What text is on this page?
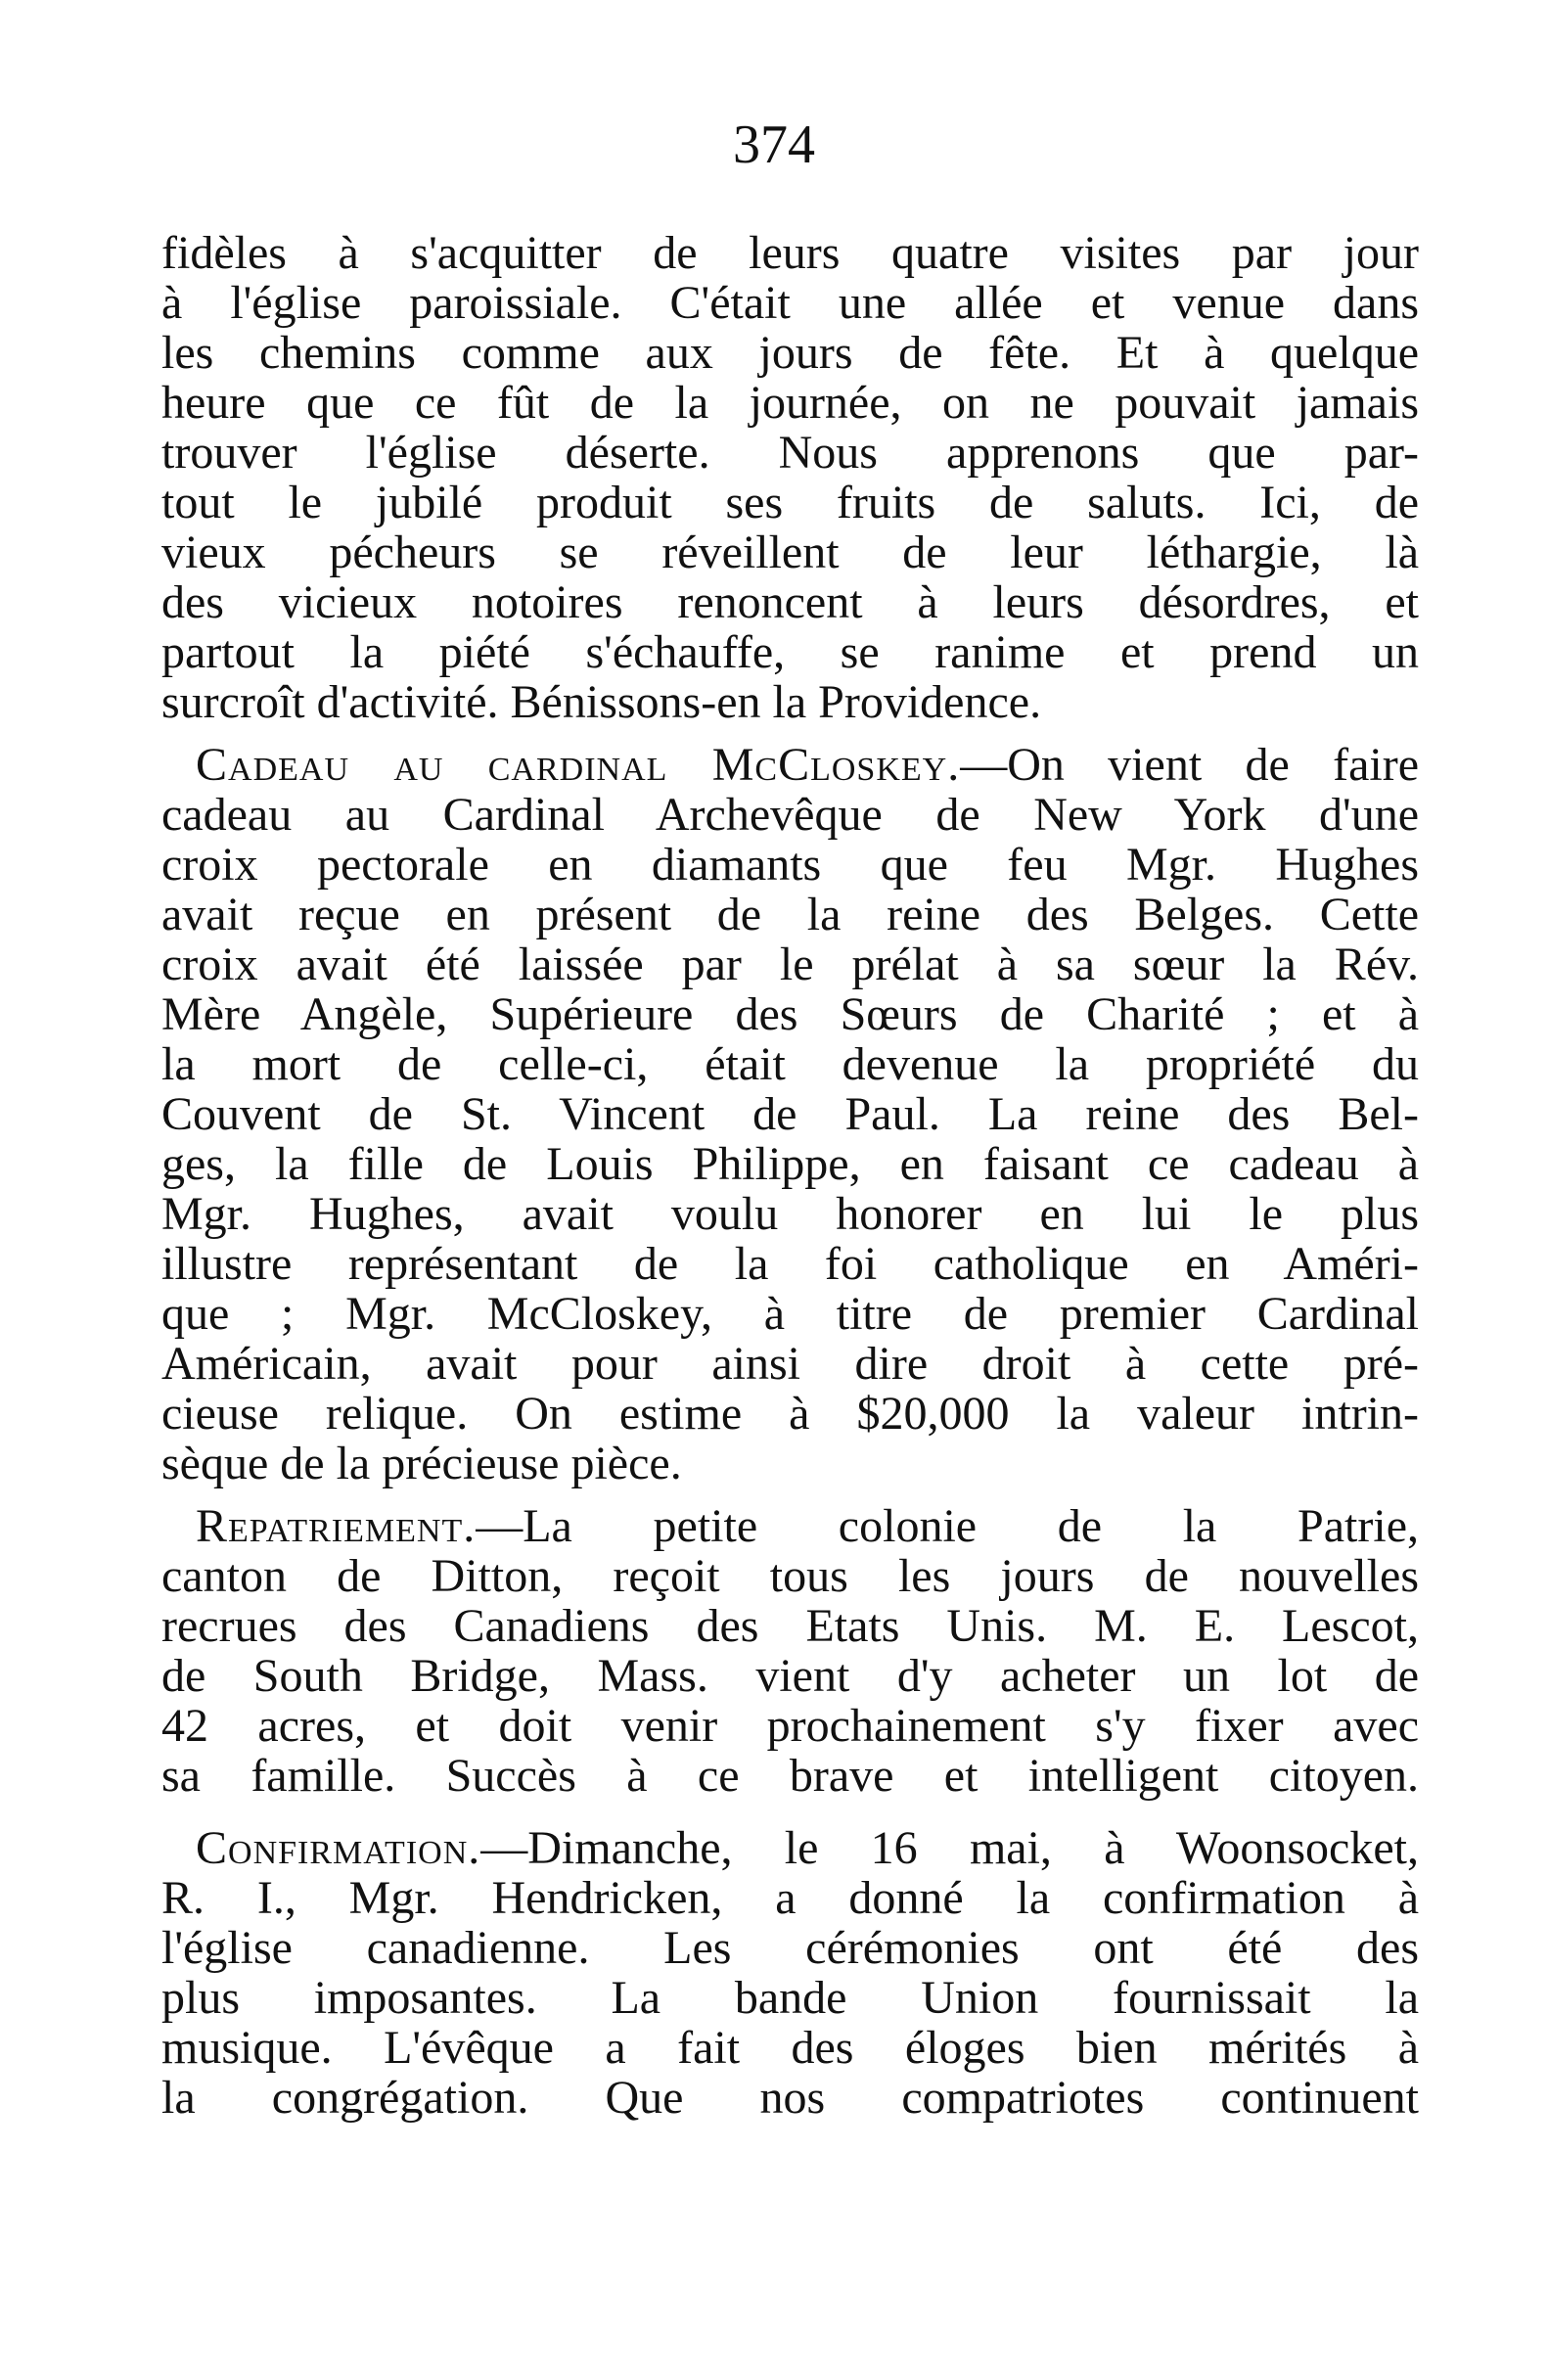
374
fidèles à s'acquitter de leurs quatre visites par jour
à l'église paroissiale. C'était une allée et venue dans
les chemins comme aux jours de fête. Et à quelque
heure que ce fût de la journée, on ne pouvait jamais
trouver l'église déserte. Nous apprenons que par-
tout le jubilé produit ses fruits de saluts. Ici, de
vieux pécheurs se réveillent de leur léthargie, là
des vicieux notoires renoncent à leurs désordres, et
partout la piété s'échauffe, se ranime et prend un
surcroît d'activité. Bénissons-en la Providence.
Cadeau au cardinal McCloskey.—On vient de faire
cadeau au Cardinal Archevêque de New York d'une
croix pectorale en diamants que feu Mgr. Hughes
avait reçue en présent de la reine des Belges. Cette
croix avait été laissée par le prélat à sa sœur la Rév.
Mère Angèle, Supérieure des Sœurs de Charité ; et à
la mort de celle-ci, était devenue la propriété du
Couvent de St. Vincent de Paul. La reine des Bel-
ges, la fille de Louis Philippe, en faisant ce cadeau à
Mgr. Hughes, avait voulu honorer en lui le plus
illustre représentant de la foi catholique en Améri-
que ; Mgr. McCloskey, à titre de premier Cardinal
Américain, avait pour ainsi dire droit à cette pré-
cieuse relique. On estime à $20,000 la valeur intrin-
sèque de la précieuse pièce.
Repatriement.—La petite colonie de la Patrie,
canton de Ditton, reçoit tous les jours de nouvelles
recrues des Canadiens des Etats Unis. M. E. Lescot,
de South Bridge, Mass. vient d'y acheter un lot de
42 acres, et doit venir prochainement s'y fixer avec
sa famille. Succès à ce brave et intelligent citoyen.
Confirmation.—Dimanche, le 16 mai, à Woonsocket,
R. I., Mgr. Hendricken, a donné la confirmation à
l'église canadienne. Les cérémonies ont été des
plus imposantes. La bande Union fournissait la
musique. L'évêque a fait des éloges bien mérités à
la congrégation. Que nos compatriotes continuent
